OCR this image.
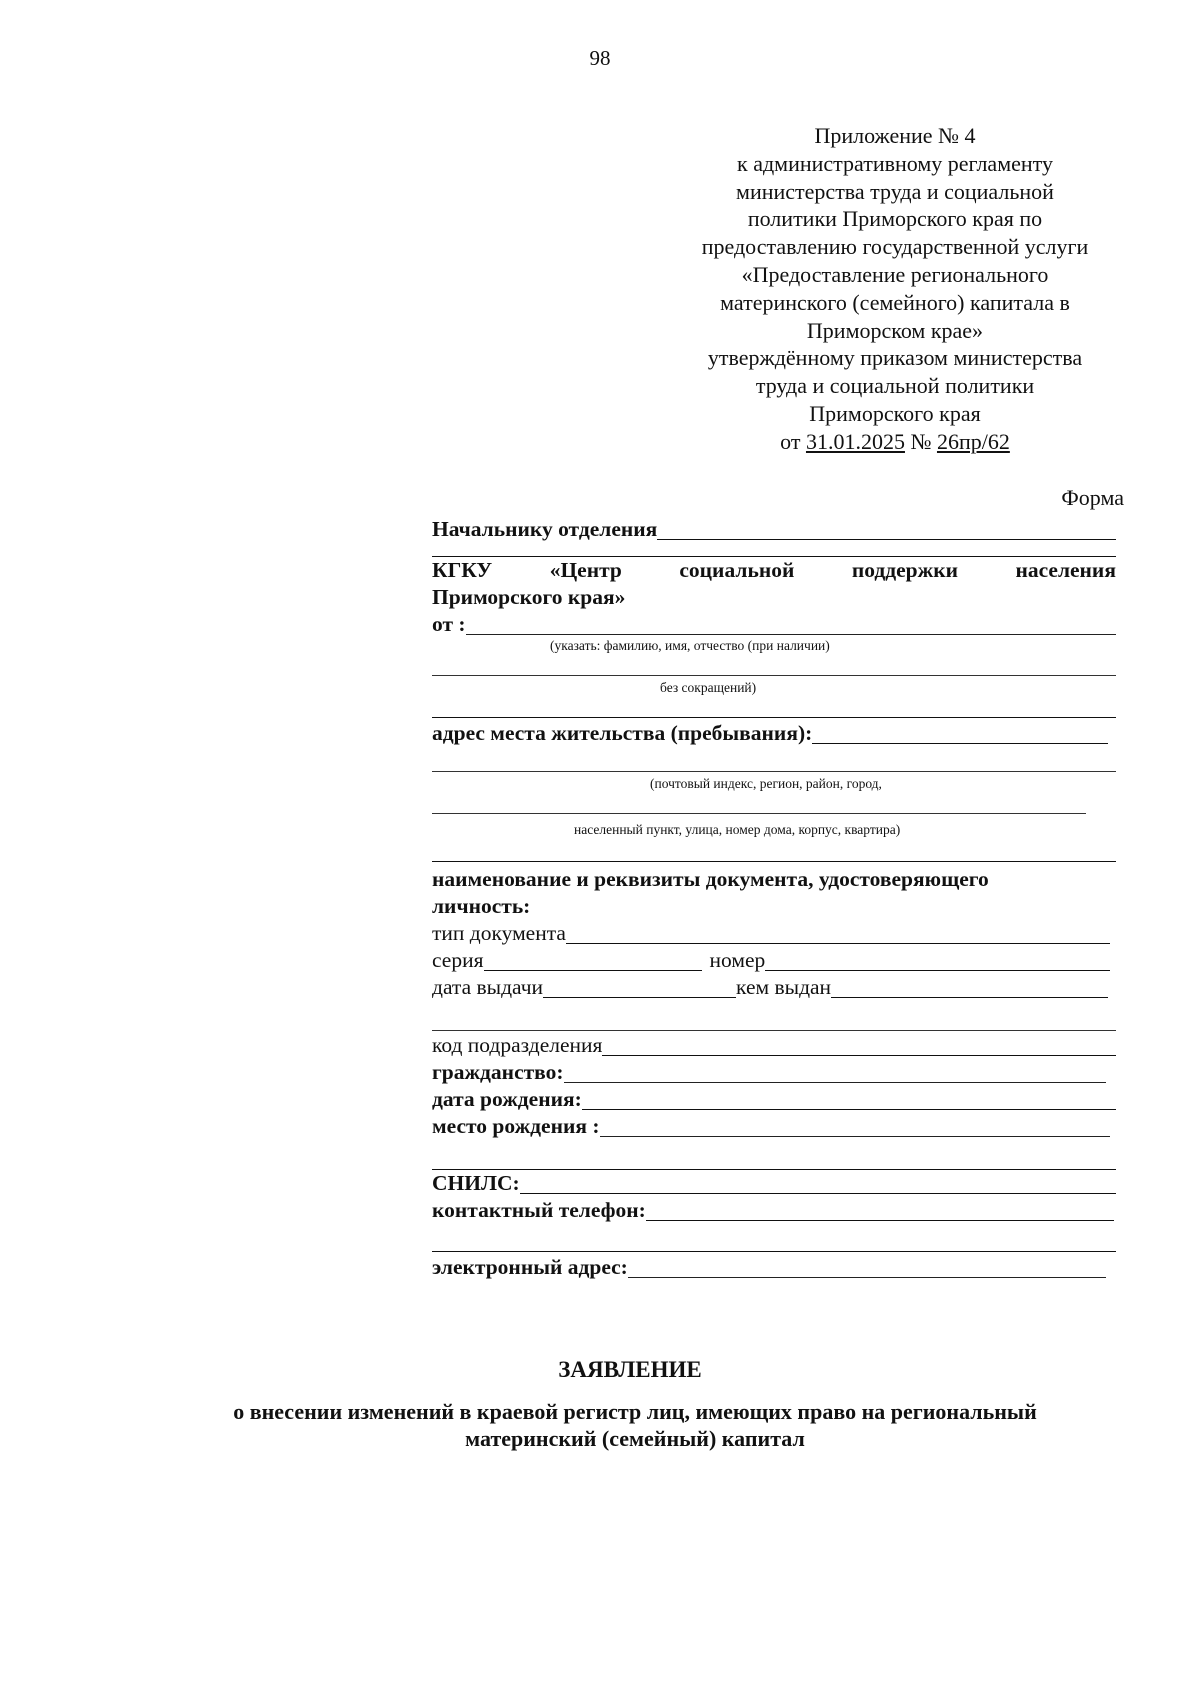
98
Приложение № 4
к административному регламенту
министерства труда и социальной
политики Приморского края по
предоставлению государственной услуги
«Предоставление регионального
материнского (семейного) капитала в
Приморском крае»
утверждённому приказом министерства
труда и социальной политики
Приморского края
от 31.01.2025 № 26пр/62
Форма
Начальнику отделения
КГКУ	«Центр	социальной	поддержки	населения
Приморского края»
от :
(указать: фамилию, имя, отчество (при наличии)
без сокращений)
адрес места жительства (пребывания):
(почтовый индекс, регион, район, город,
населенный пункт, улица, номер дома, корпус, квартира)
наименование и реквизиты документа, удостоверяющего
личность:
тип документа
серия	номер
дата выдачи	кем выдан
код подразделения
гражданство:
дата рождения:
место рождения :
СНИЛС:
контактный телефон:
электронный адрес:
ЗАЯВЛЕНИЕ
о внесении изменений в краевой регистр лиц, имеющих право на региональный
материнский (семейный) капитал
